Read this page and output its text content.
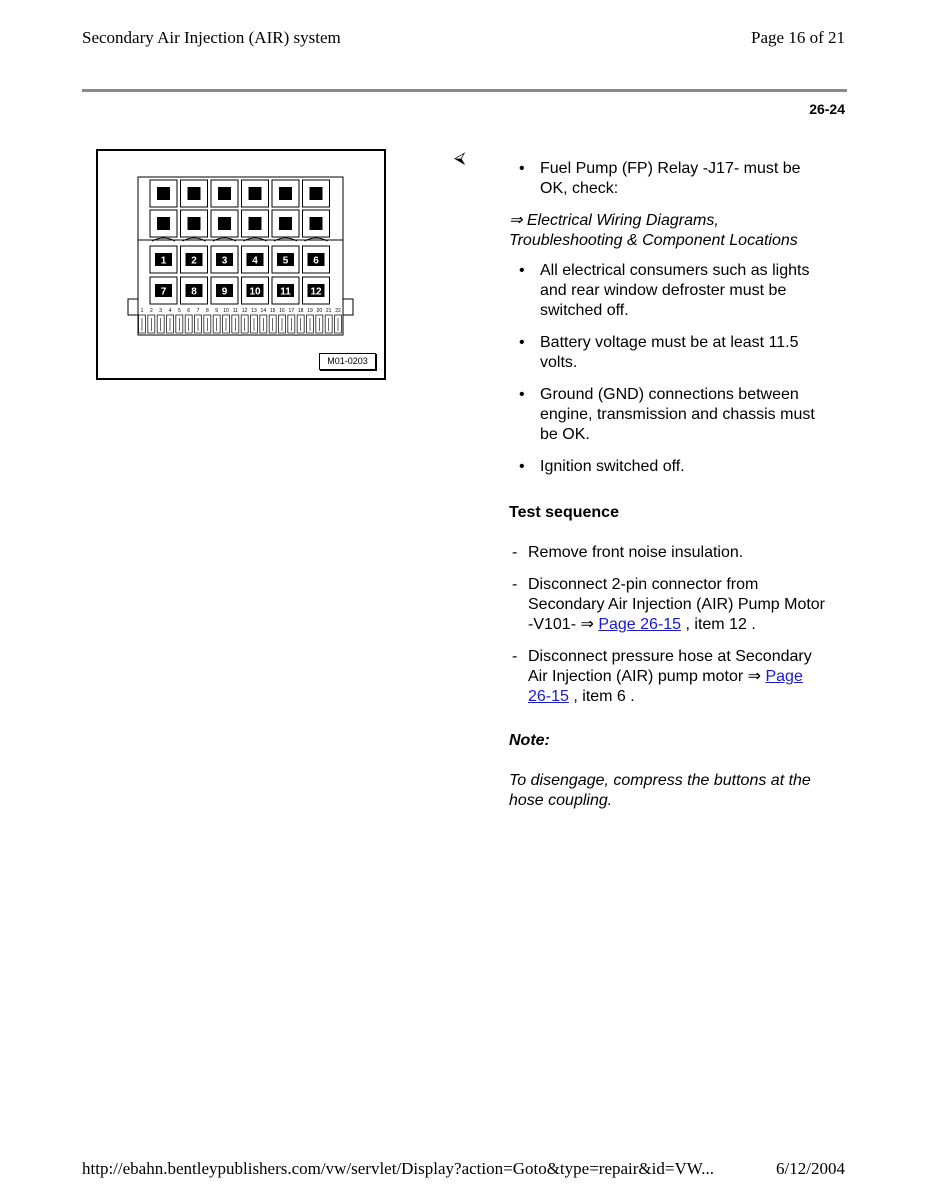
Secondary Air Injection (AIR) system	Page 16 of 21
26-24
1 2 3 4 5 6
7 8 9 10 11 12
1 2 3 4 5 6 7 8 9 10 11 12 13 14 15 16 17 18 19 20 21 22
M01-0203
⮘
• Fuel Pump (FP) Relay -J17- must be OK, check:
⇒ Electrical Wiring Diagrams, Troubleshooting & Component Locations
• All electrical consumers such as lights and rear window defroster must be switched off.
• Battery voltage must be at least 11.5 volts.
• Ground (GND) connections between engine, transmission and chassis must be OK.
• Ignition switched off.
Test sequence
- Remove front noise insulation.
- Disconnect 2-pin connector from Secondary Air Injection (AIR) Pump Motor -V101- ⇒ Page 26-15 , item 12 .
- Disconnect pressure hose at Secondary Air Injection (AIR) pump motor ⇒ Page 26-15 , item 6 .
Note:
To disengage, compress the buttons at the hose coupling.
http://ebahn.bentleypublishers.com/vw/servlet/Display?action=Goto&type=repair&id=VW...	6/12/2004
